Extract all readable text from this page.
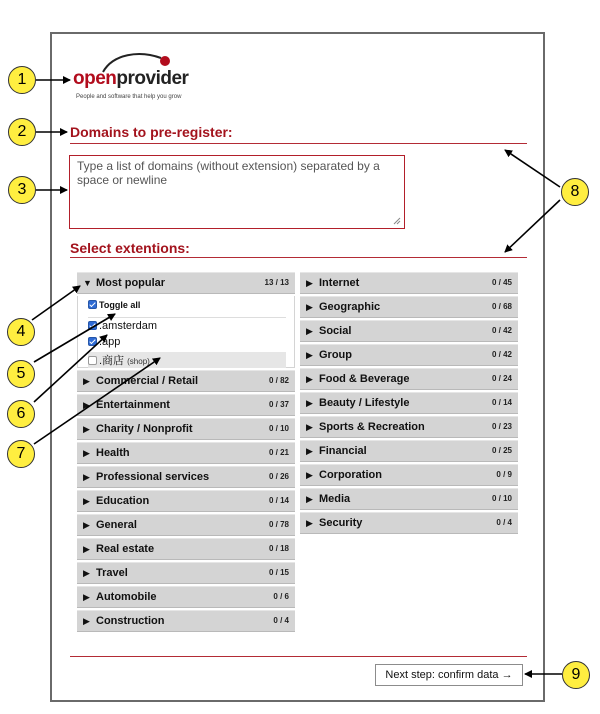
openprovider
People and software that help you grow
Domains to pre-register:
Type a list of domains (without extension) separated by a space or newline
Select extentions:
▼ Most popular	13 / 13
Toggle all
.amsterdam
.app
.商店 (shop)
▶ Commercial / Retail	0 / 82
▶ Entertainment	0 / 37
▶ Charity / Nonprofit	0 / 10
▶ Health	0 / 21
▶ Professional services	0 / 26
▶ Education	0 / 14
▶ General	0 / 78
▶ Real estate	0 / 18
▶ Travel	0 / 15
▶ Automobile	0 / 6
▶ Construction	0 / 4
▶ Internet	0 / 45
▶ Geographic	0 / 68
▶ Social	0 / 42
▶ Group	0 / 42
▶ Food & Beverage	0 / 24
▶ Beauty / Lifestyle	0 / 14
▶ Sports & Recreation	0 / 23
▶ Financial	0 / 25
▶ Corporation	0 / 9
▶ Media	0 / 10
▶ Security	0 / 4
Next step: confirm data →
1
2
3
4
5
6
7
8
9
